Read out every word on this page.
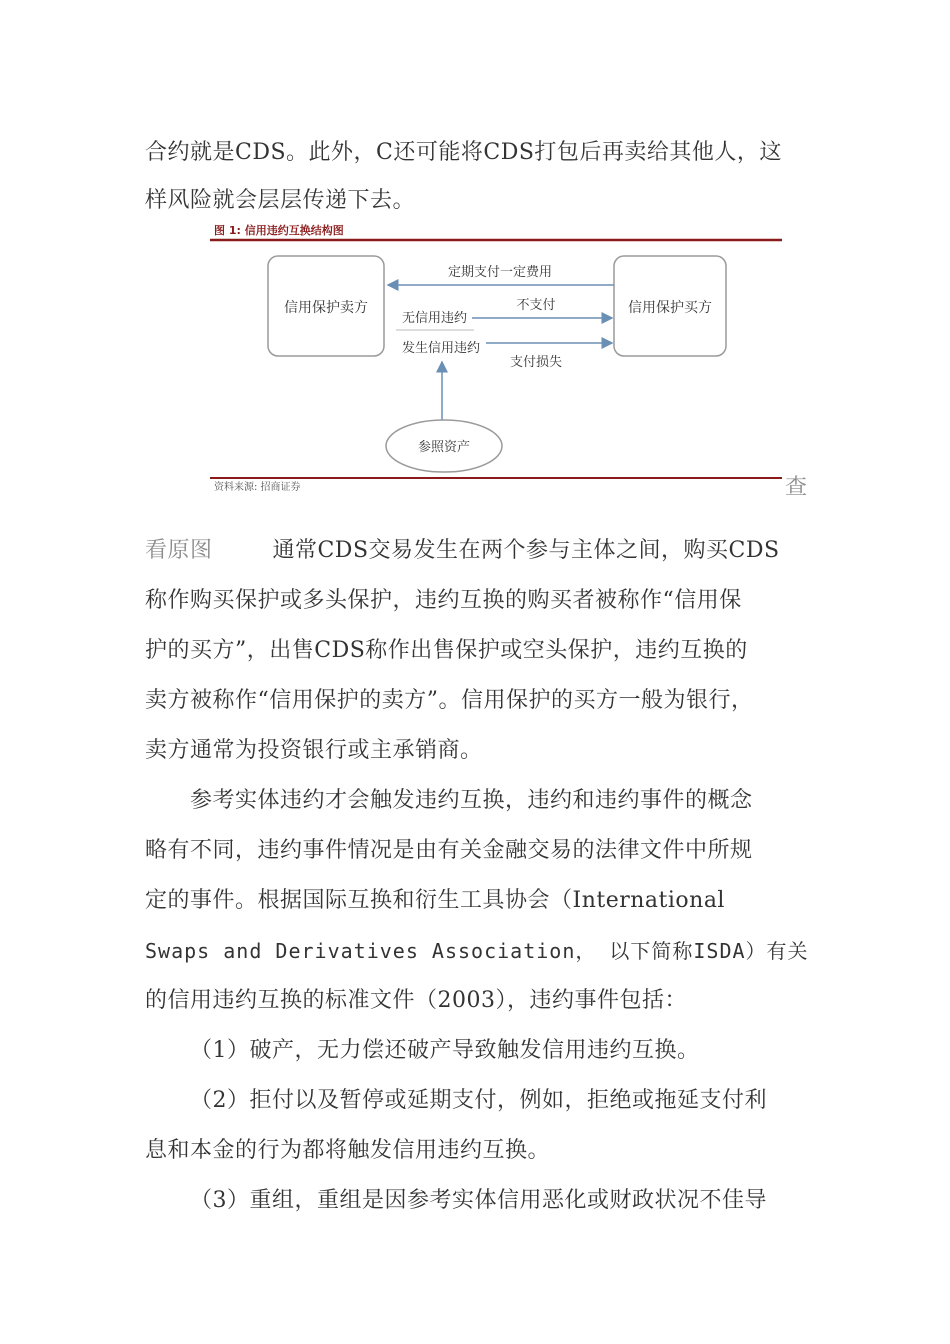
合约就是CDS。此外，C还可能将CDS打包后再卖给其他人，这

样风险就会层层传递下去。

图 1: 信用违约互换结构图
信用保护卖方	信用保护买方
定期支付一定费用
无信用违约
不支付
发生信用违约
支付损失
参照资产
资料来源: 招商证券	查

看原图	通常CDS交易发生在两个参与主体之间，购买CDS

称作购买保护或多头保护，违约互换的购买者被称作“信用保

护的买方”，出售CDS称作出售保护或空头保护，违约互换的

卖方被称作“信用保护的卖方”。信用保护的买方一般为银行，

卖方通常为投资银行或主承销商。

参考实体违约才会触发违约互换，违约和违约事件的概念

略有不同，违约事件情况是由有关金融交易的法律文件中所规

定的事件。根据国际互换和衍生工具协会（International

Swaps and Derivatives Association， 以下简称ISDA）有关

的信用违约互换的标准文件（2003），违约事件包括：

（1）破产，无力偿还破产导致触发信用违约互换。

（2）拒付以及暂停或延期支付，例如，拒绝或拖延支付利

息和本金的行为都将触发信用违约互换。

（3）重组，重组是因参考实体信用恶化或财政状况不佳导
